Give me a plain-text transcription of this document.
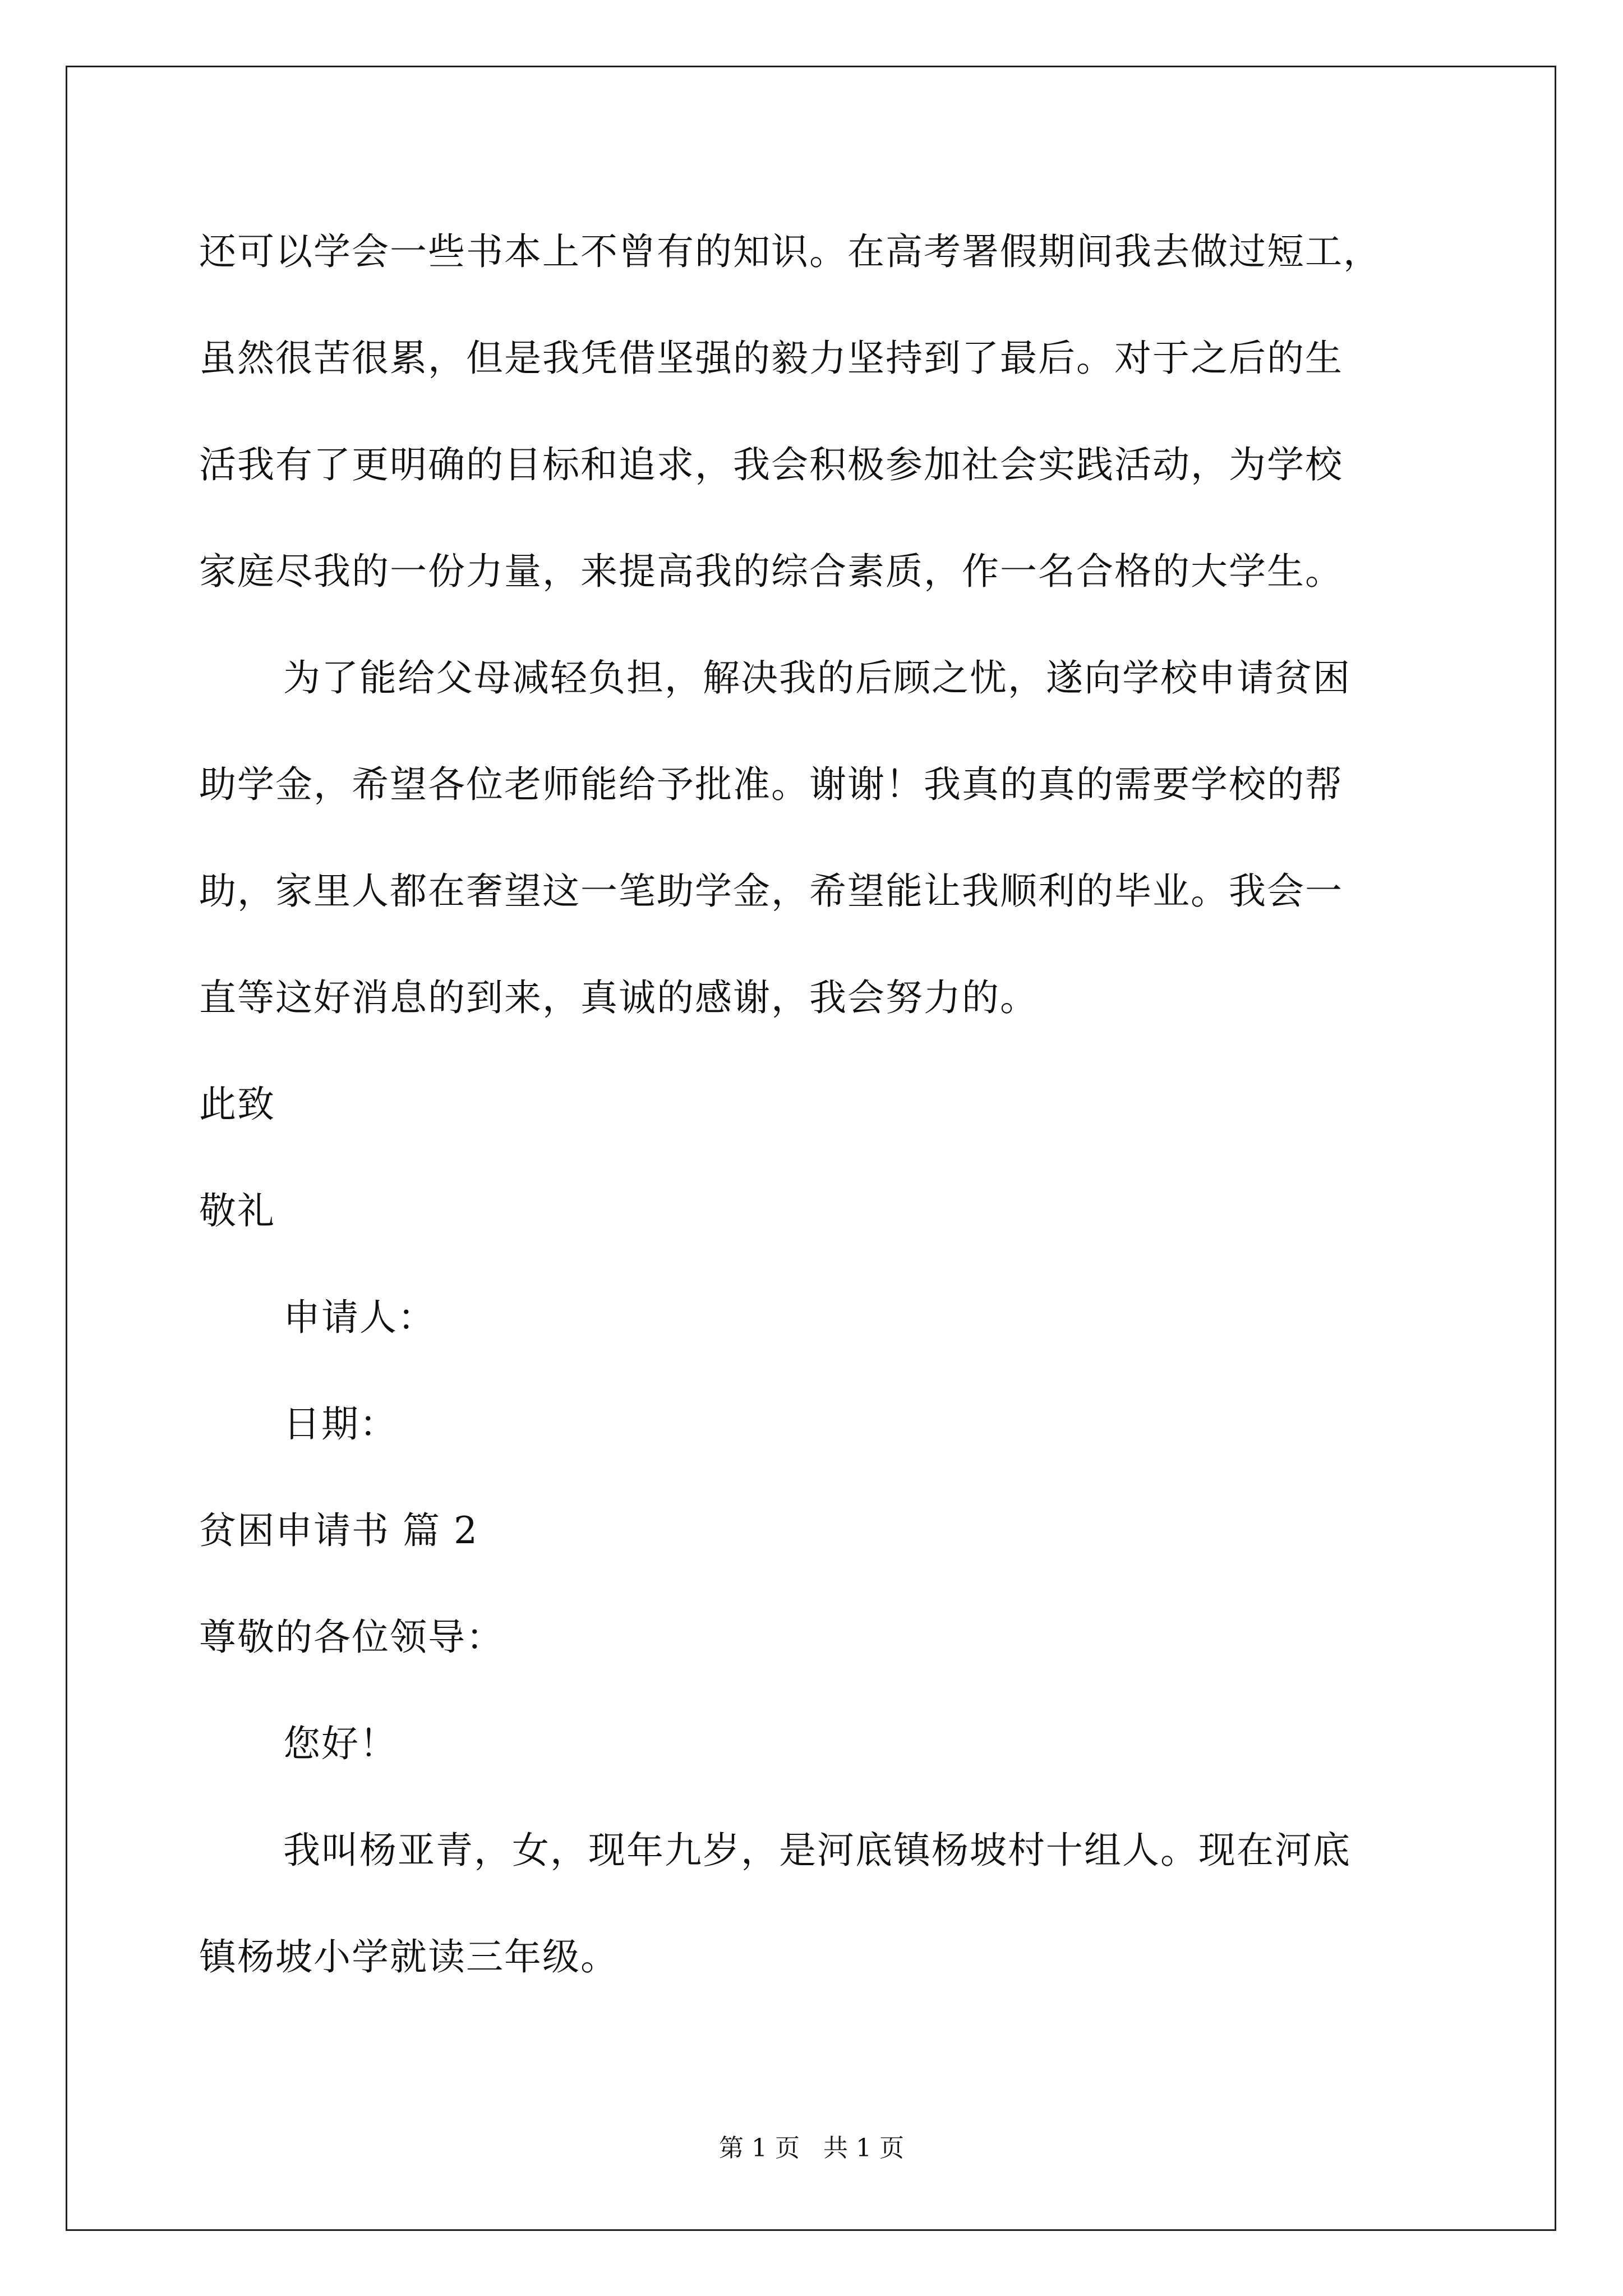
还可以学会一些书本上不曾有的知识。在高考署假期间我去做过短工，
虽然很苦很累，但是我凭借坚强的毅力坚持到了最后。对于之后的生
活我有了更明确的目标和追求，我会积极参加社会实践活动，为学校
家庭尽我的一份力量，来提高我的综合素质，作一名合格的大学生。
为了能给父母减轻负担，解决我的后顾之忧，遂向学校申请贫困
助学金，希望各位老师能给予批准。谢谢！我真的真的需要学校的帮
助，家里人都在奢望这一笔助学金，希望能让我顺利的毕业。我会一
直等这好消息的到来，真诚的感谢，我会努力的。
此致
敬礼
申请人：
日期：
贫困申请书 篇 2
尊敬的各位领导：
您好！
我叫杨亚青，女，现年九岁，是河底镇杨坡村十组人。现在河底
镇杨坡小学就读三年级。
第 1 页   共 1 页
